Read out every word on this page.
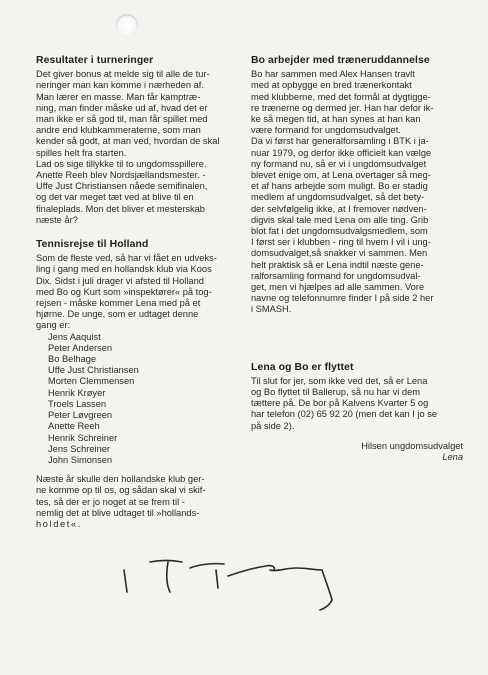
Resultater i turneringer

Det giver bonus at melde sig til alle de tur-
neringer man kan komme i nærheden af.
Man lærer en masse. Man får kamptræ-
ning, man finder måske ud af, hvad det er
man ikke er så god til, man får spillet med
andre end klubkammeraterne, som man
kender så godt, at man ved, hvordan de skal
spilles helt fra starten.
Lad os sige tillykke til to ungdomsspillere.
Anette Reeh blev Nordsjællandsmester. -
Uffe Just Christiansen nåede semifinalen,
og det var meget tæt ved at blive til en
finaleplads. Mon det bliver et mesterskab
næste år?

Tennisrejse til Holland

Som de fleste ved, så har vi fået en udveks-
ling i gang med en hollandsk klub via Koos
Dix. Sidst i juli drager vi afsted til Holland
med Bo og Kurt som »inspektører« på tog-
rejsen - måske kommer Lena med på et
hjørne. De unge, som er udtaget denne
gang er:

Jens Aaquist
Peter Andersen
Bo Belhage
Uffe Just Christiansen
Morten Clemmensen
Henrik Krøyer
Troels Lassen
Peter Løvgreen
Anette Reeh
Henrik Schreiner
Jens Schreiner
John Simonsen

Næste år skulle den hollandske klub ger-
ne komme op til os, og sådan skal vi skif-
tes, så der er jo noget at se frem til -
nemlig det at blive udtaget til »hollands-

holdet«.

Bo arbejder med træneruddannelse

Bo har sammen med Alex Hansen travlt
med at opbygge en bred trænerkontakt
med klubberne, med det formål at dygtigge-
re trænerne og dermed jer. Han har defor ik-
ke så megen tid, at han synes at han kan
være formand for ungdomsudvalget.
Da vi først har generalforsamling i BTK i ja-
nuar 1979, og derfor ikke officielt kan vælge
ny formand nu, så er vi i ungdomsudvalget
blevet enige om, at Lena overtager så meg-
et af hans arbejde som muligt. Bo er stadig
medlem af ungdomsudvalget, så det bety-
der selvfølgelig ikke, at I fremover nødven-
digvis skal tale med Lena om alle ting. Grib
blot fat i det ungdomsudvalgsmedlem, som
I først ser i klubben - ring til hvem I vil i ung-
domsudvalget,så snakker vi sammen. Men
helt praktisk så er Lena indtil næste gene-
ralforsamling formand for ungdomsudval-
get, men vi hjælpes ad alle sammen. Vore
navne og telefonnumre finder I på side 2 her
i SMASH.

Lena og Bo er flyttet

Til slut for jer, som ikke ved det, så er Lena
og Bo flyttet til Ballerup, så nu har vi dem
tættere på. De bor på Kalvens Kvarter 5 og
har telefon (02) 65 92 20 (men det kan I jo se
på side 2).

Hilsen ungdomsudvalget
Lena
